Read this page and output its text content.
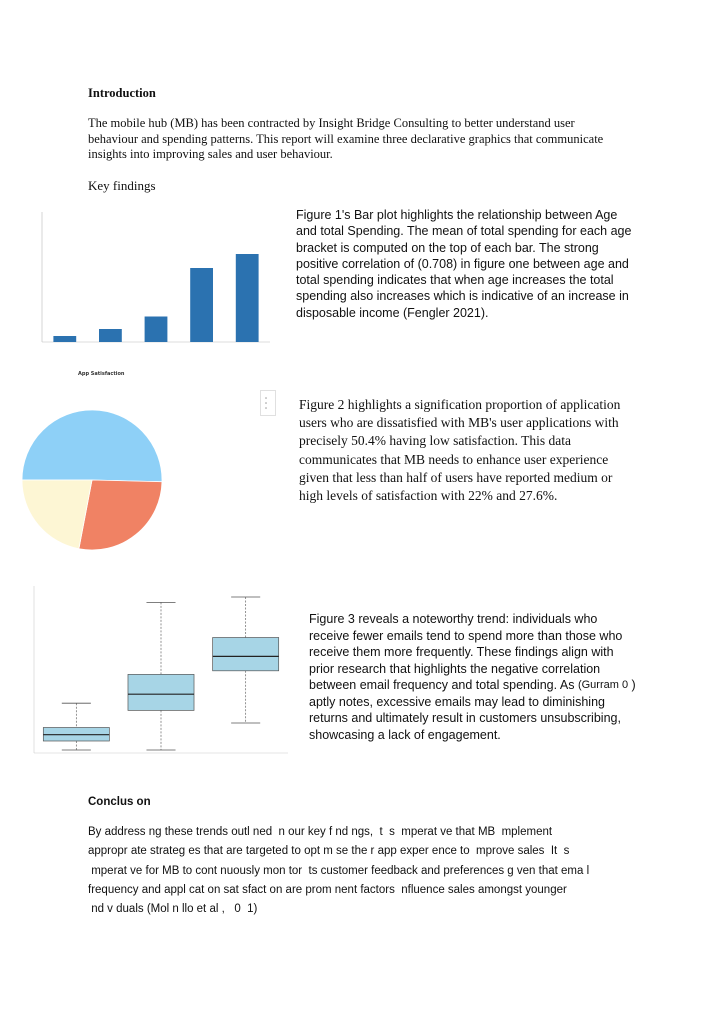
Introduction
The mobile hub (MB) has been contracted by Insight Bridge Consulting to better understand user behaviour and spending patterns. This report will examine three declarative graphics that communicate insights into improving sales and user behaviour.
Key findings
Figure 1's Bar plot highlights the relationship between Age and total Spending. The mean of total spending for each age bracket is computed on the top of each bar. The strong positive correlation of (0.708) in figure one between age and total spending indicates that when age increases the total spending also increases which is indicative of an increase in disposable income (Fengler 2021).
App Satisfaction
Figure 2 highlights a signification proportion of application users who are dissatisfied with MB's user applications with precisely 50.4% having low satisfaction. This data communicates that MB needs to enhance user experience given that less than half of users have reported medium or high levels of satisfaction with 22% and 27.6%.
Figure 3 reveals a noteworthy trend: individuals who receive fewer emails tend to spend more than those who receive them more frequently. These findings align with prior research that highlights the negative correlation between email frequency and total spending. As (Gurram 0 ) aptly notes, excessive emails may lead to diminishing returns and ultimately result in customers unsubscribing, showcasing a lack of engagement.
Conclus on
By address ng these trends outl ned  n our key f nd ngs,  t  s  mperat ve that MB  mplement
appropr ate strateg es that are targeted to opt m se the r app exper ence to  mprove sales  It  s
mperat ve for MB to cont nuously mon tor  ts customer feedback and preferences g ven that ema l
frequency and appl cat on sat sfact on are prom nent factors  nfluence sales amongst younger
nd v duals (Mol n llo et al ,   0  1)
